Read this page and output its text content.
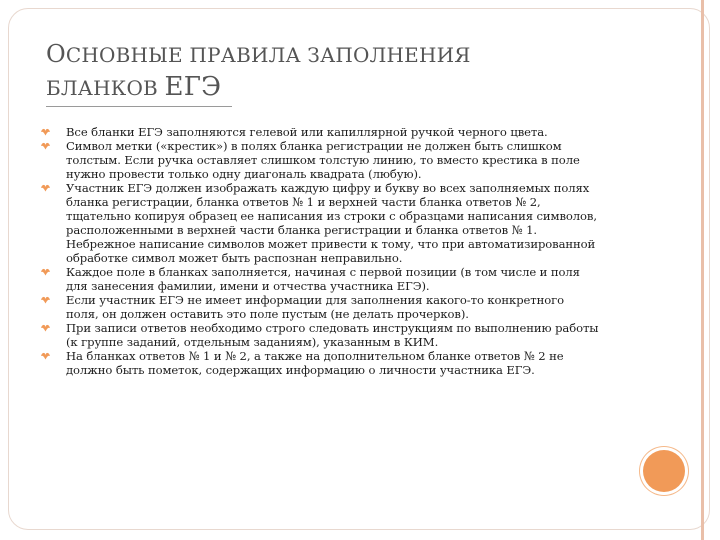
ОСНОВНЫЕ ПРАВИЛА ЗАПОЛНЕНИЯ
БЛАНКОВ ЕГЭ
Все бланки ЕГЭ заполняются гелевой или капиллярной ручкой черного цвета.
Символ метки («крестик») в полях бланка регистрации не должен быть слишком толстым. Если ручка оставляет слишком толстую линию, то вместо крестика в поле нужно провести только одну диагональ квадрата (любую).
Участник ЕГЭ должен изображать каждую цифру и букву во всех заполняемых полях бланка регистрации, бланка ответов № 1 и верхней части бланка ответов № 2, тщательно копируя образец ее написания из строки с образцами написания символов, расположенными в верхней части бланка регистрации и бланка ответов № 1. Небрежное написание символов может привести к тому, что при автоматизированной обработке символ может быть распознан неправильно.
Каждое поле в бланках заполняется, начиная с первой позиции (в том числе и поля для занесения фамилии, имени и отчества участника ЕГЭ).
Если участник ЕГЭ не имеет информации для заполнения какого-то конкретного поля, он должен оставить это поле пустым (не делать прочерков).
При записи ответов необходимо строго следовать инструкциям по выполнению работы (к группе заданий, отдельным заданиям), указанным в КИМ.
На бланках ответов № 1 и № 2, а также на дополнительном бланке ответов № 2 не должно быть пометок, содержащих информацию о личности участника ЕГЭ.
